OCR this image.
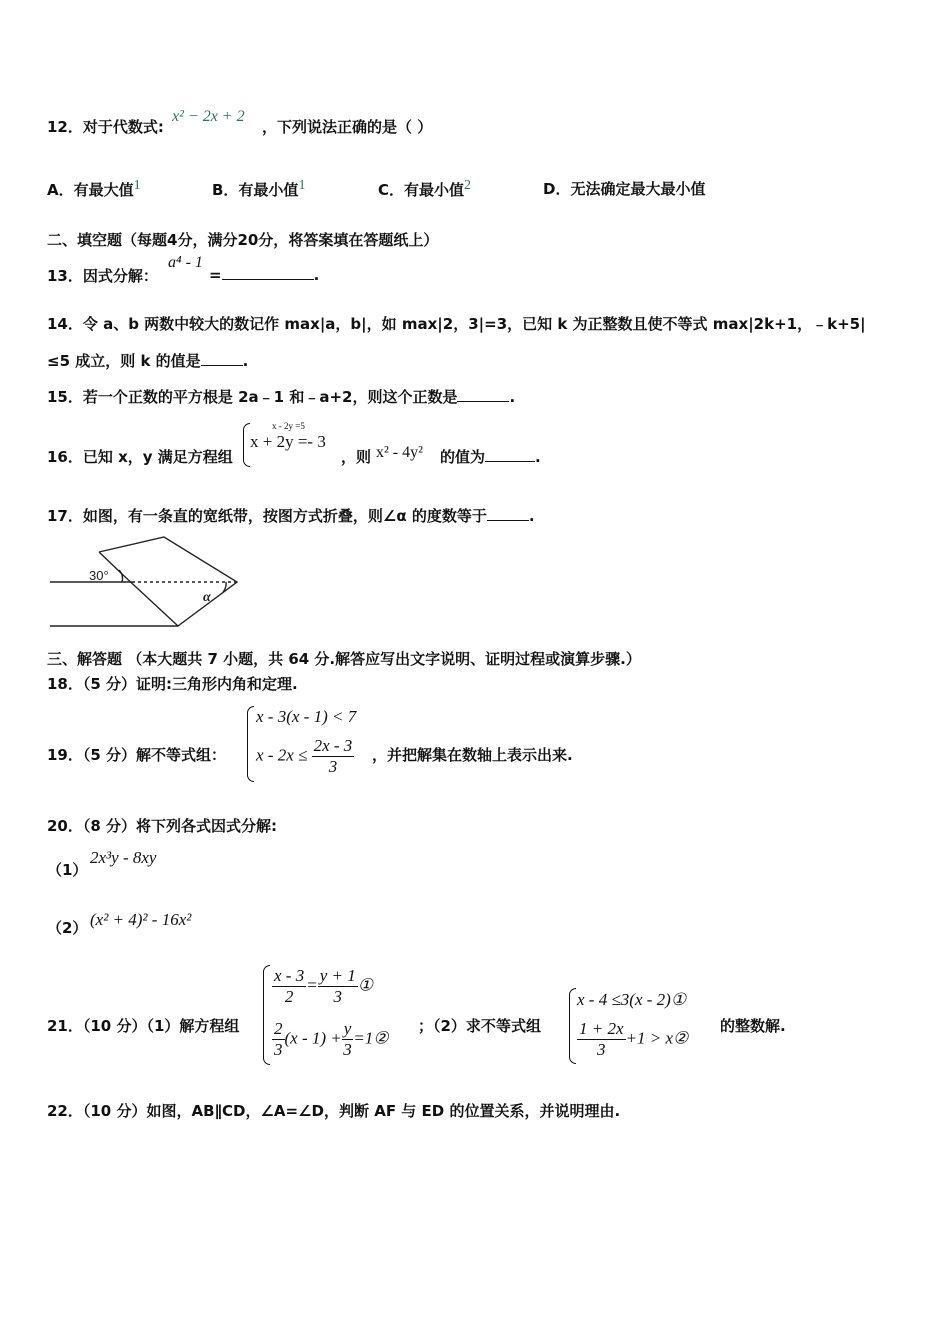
12．对于代数式:
x² − 2x + 2
，下列说法正确的是（ ）
A．有最大值$^1$	B．有最小值$^1$	C．有最小值$^2$	D．无法确定最大最小值
二、填空题（每题4分，满分20分，将答案填在答题纸上）
13．因式分解：
a⁴ - 1
=	.
14．令 a、b 两数中较大的数记作 max|a，b|，如 max|2，3|=3，已知 k 为正整数且使不等式 max|2k+1，﹣k+5|
≤5 成立，则 k 的值是	.
15．若一个正数的平方根是 2a﹣1 和﹣a+2，则这个正数是	.
16．已知 x，y 满足方程组
x - 2y =5
x + 2y =- 3
，则 x² - 4y² 的值为	.
17．如图，有一条直的宽纸带，按图方式折叠，则∠α 的度数等于	.
30°
α
三、解答题 （本大题共 7 小题，共 64 分.解答应写出文字说明、证明过程或演算步骤.）
18．（5 分）证明:三角形内角和定理.
19．（5 分）解不等式组：
x - 3(x - 1) < 7
$x - 2x \le \frac{2x - 3}{3}$ ，并把解集在数轴上表示出来.
20．（8 分）将下列各式因式分解:
（1）
2x³y - 8xy
（2） (x² + 4)² - 16x²
21．（10 分）（1）解方程组
$\frac{x - 3}{2} = \frac{y + 1}{3}$ ①
$\frac{2}{3} (x - 1) + \frac{y}{3}$ =1②
；（2）求不等式组
x - 4 ≤3(x - 2)①
$\frac{1 + 2x}{3} +1$ > x②
的整数解.
22．（10 分）如图，AB∥CD，∠A=∠D，判断 AF 与 ED 的位置关系，并说明理由.
